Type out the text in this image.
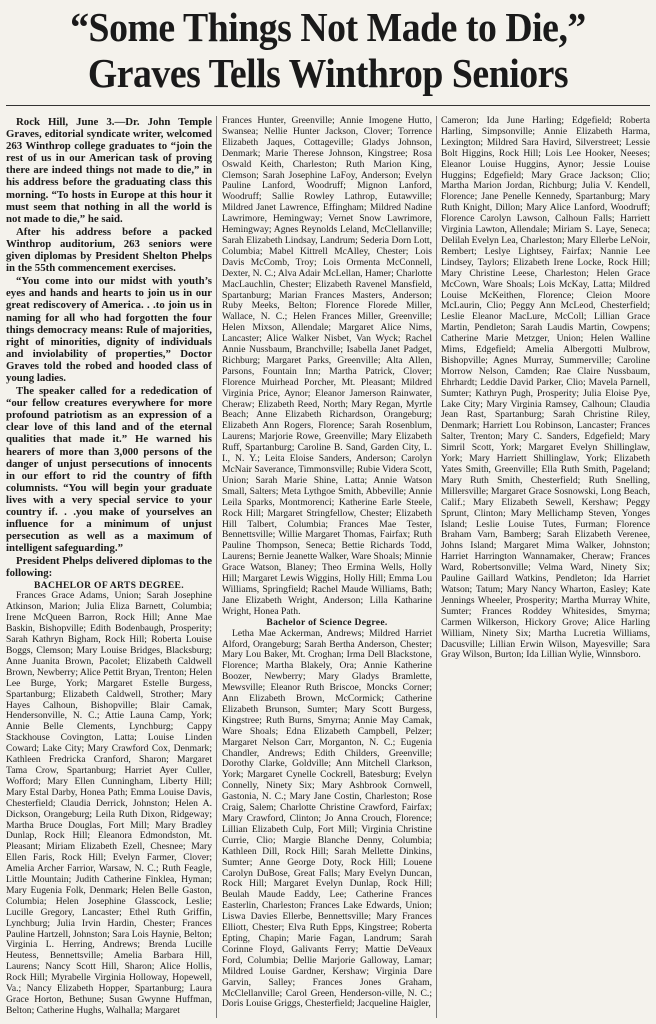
“Some Things Not Made to Die,”
Graves Tells Winthrop Seniors

Rock Hill, June 3.—Dr. John Temple Graves, editorial syndicate writer, welcomed 263 Winthrop college graduates to “join the rest of us in our American task of proving there are indeed things not made to die,” in his address before the graduating class this morning. “To hosts in Europe at this hour it must seem that nothing in all the world is not made to die,” he said.

After his address before a packed Winthrop auditorium, 263 seniors were given diplomas by President Shelton Phelps in the 55th commencement exercises.

“You come into our midst with youth’s eyes and hands and hearts to join us in our great rediscovery of America. . .to join us in naming for all who had forgotten the four things democracy means: Rule of majorities, right of minorities, dignity of individuals and inviolability of properties,” Doctor Graves told the robed and hooded class of young ladies.

The speaker called for a rededication of “our fellow creatures everywhere for more profound patriotism as an expression of a clear love of this land and of the eternal qualities that made it.” He warned his hearers of more than 3,000 persons of the danger of unjust persecutions of innocents in our effort to rid the country of fifth columnists. “You will begin your graduate lives with a very special service to your country if. . .you make of yourselves an influence for a minimum of unjust persecution as well as a maximum of intelligent safeguarding.”

President Phelps delivered diplomas to the following:

BACHELOR OF ARTS DEGREE.

Frances Grace Adams, Union; Sarah Josephine Atkinson, Marion; Julia Eliza Barnett, Columbia; Irene McQueen Barron, Rock Hill; Anne Mae Baskin, Bishopville; Edith Bodenbaugh, Prosperity; Sarah Kathryn Bigham, Rock Hill; Roberta Louise Boggs, Clemson; Mary Louise Bridges, Blacksburg; Anne Juanita Brown, Pacolet; Elizabeth Caldwell Brown, Newberry; Alice Pettit Bryan, Trenton; Helen Lee Burge, York; Margaret Estelle Burgess, Spartanburg; Elizabeth Caldwell, Strother; Mary Hayes Calhoun, Bishopville; Blair Camak, Hendersonville, N. C.; Attie Launa Camp, York; Annie Belle Clements, Lynchburg; Cappy Stackhouse Covington, Latta; Louise Linden Coward; Lake City; Mary Crawford Cox, Denmark; Kathleen Fredricka Cranford, Sharon; Margaret Tama Crow, Spartanburg; Harriet Ayer Culler, Wofford; Mary Ellen Cunningham, Liberty Hill; Mary Estal Darby, Honea Path; Emma Louise Davis, Chesterfield; Claudia Derrick, Johnston; Helen A. Dickson, Orangeburg; Leila Ruth Dixon, Ridgeway; Martha Bruce Douglas, Fort Mill; Mary Bradley Dunlap, Rock Hill; Eleanora Edmondston, Mt. Pleasant; Miriam Elizabeth Ezell, Chesnee; Mary Ellen Faris, Rock Hill; Evelyn Farmer, Clover; Amelia Archer Farrior, Warsaw, N. C.; Ruth Feagle, Little Mountain; Judith Catherine Finklea, Hyman; Mary Eugenia Folk, Denmark; Helen Belle Gaston, Columbia; Helen Josephine Glasscock, Leslie; Lucille Gregory, Lancaster; Ethel Ruth Griffin, Lynchburg; Julia Irvin Hardin, Chester; Frances Pauline Hartzell, Johnston; Sara Lois Haynie, Belton; Virginia L. Herring, Andrews; Brenda Lucille Heutess, Bennettsville; Amelia Barbara Hill, Laurens; Nancy Scott Hill, Sharon; Alice Hollis, Rock Hill; Myrabelle Virginia Holloway, Hopewell, Va.; Nancy Elizabeth Hopper, Spartanburg; Laura Grace Horton, Bethune; Susan Gwynne Huffman, Belton; Catherine Hughs, Walhalla; Margaret

Frances Hunter, Greenville; Annie Imogene Hutto, Swansea; Nellie Hunter Jackson, Clover; Torrence Elizabeth Jaques, Cottageville; Gladys Johnson, Denmark; Marie Therese Johnson, Kingstree; Rosa Oswald Keith, Charleston; Ruth Marion King, Clemson; Sarah Josephine LaFoy, Anderson; Evelyn Pauline Lanford, Woodruff; Mignon Lanford, Woodruff; Sallie Rowley Lathrop, Eutawville; Mildred Janet Lawrence, Effingham; Mildred Nadine Lawrimore, Hemingway; Vernet Snow Lawrimore, Hemingway; Agnes Reynolds Leland, McClellanville; Sarah Elizabeth Lindsay, Landrum; Sederia Dorn Lott, Columbia; Mabel Kittrell McAlley, Chester; Lois Davis McComb, Troy; Lois Ormenta McConnell, Dexter, N. C.; Alva Adair McLellan, Hamer; Charlotte MacLauchlin, Chester; Elizabeth Ravenel Mansfield, Spartanburg; Marian Frances Masters, Anderson; Ruby Meeks, Belton; Florence Florede Miller, Wallace, N. C.; Helen Frances Miller, Greenville; Helen Mixson, Allendale; Margaret Alice Nims, Lancaster; Alice Walker Nisbet, Van Wyck; Rachel Annie Nussbaum, Branchville; Isabella Janet Padget, Richburg; Margaret Parks, Greenville; Alta Allen, Parsons, Fountain Inn; Martha Patrick, Clover; Florence Muirhead Porcher, Mt. Pleasant; Mildred Virginia Price, Aynor; Eleanor Jamerson Rainwater, Cheraw; Elizabeth Reed, North; Mary Regan, Myrtle Beach; Anne Elizabeth Richardson, Orangeburg; Elizabeth Ann Rogers, Florence; Sarah Rosenblum, Laurens; Marjorie Rowe, Greenville; Mary Elizabeth Ruff, Spartanburg; Caroline B. Sand, Garden City, L. I., N. Y.; Leita Eloise Sanders, Anderson; Carolyn McNair Saverance, Timmonsville; Rubie Videra Scott, Union; Sarah Marie Shine, Latta; Annie Watson Small, Salters; Meta Lythgoe Smith, Abbeville; Annie Leila Sparks, Montmorenci; Katherine Earle Steele, Rock Hill; Margaret Stringfellow, Chester; Elizabeth Hill Talbert, Columbia; Frances Mae Tester, Bennettsville; Willie Margaret Thomas, Fairfax; Ruth Pauline Thompson, Seneca; Bettie Richards Todd, Laurens; Bernie Jeanette Walker, Ware Shoals; Minnie Grace Watson, Blaney; Theo Ermina Wells, Holly Hill; Margaret Lewis Wiggins, Holly Hill; Emma Lou Williams, Springfield; Rachel Maude Williams, Bath; Jane Elizabeth Wright, Anderson; Lilla Katharine Wright, Honea Path.

Bachelor of Science Degree.

Letha Mae Ackerman, Andrews; Mildred Harriet Alford, Orangeburg; Sarah Bertha Anderson, Chester; Mary Lou Baker, Mt. Croghan; Irma Dell Blackstone, Florence; Martha Blakely, Ora; Annie Katherine Boozer, Newberry; Mary Gladys Bramlette, Mewsville; Eleanor Ruth Briscoe, Moncks Corner; Ann Elizabeth Brown, McCormick; Catherine Elizabeth Brunson, Sumter; Mary Scott Burgess, Kingstree; Ruth Burns, Smyrna; Annie May Camak, Ware Shoals; Edna Elizabeth Campbell, Pelzer; Margaret Nelson Carr, Morganton, N. C.; Eugenia Chandler, Andrews; Edith Childers, Greenville; Dorothy Clarke, Goldville; Ann Mitchell Clarkson, York; Margaret Cynelle Cockrell, Batesburg; Evelyn Connelly, Ninety Six; Mary Ashbrook Cornwell, Gastonia, N. C.; Mary Jane Costin, Charleston; Rose Craig, Salem; Charlotte Christine Crawford, Fairfax; Mary Crawford, Clinton; Jo Anna Crouch, Florence; Lillian Elizabeth Culp, Fort Mill; Virginia Christine Currie, Clio; Margie Blanche Denny, Columbia; Kathleen Dill, Rock Hill; Sarah Mellette Dinkins, Sumter; Anne George Doty, Rock Hill; Louene Carolyn DuBose, Great Falls; Mary Evelyn Duncan, Rock Hill; Margaret Evelyn Dunlap, Rock Hill; Beulah Maude Eaddy, Lee; Catherine Frances Easterlin, Charleston; Frances Lake Edwards, Union; Liswa Davies Ellerbe, Bennettsville; Mary Frances Elliott, Chester; Elva Ruth Epps, Kingstree; Roberta Epting, Chapin; Marie Fagan, Landrum; Sarah Corinne Floyd, Galivants Ferry; Mattie DeVeaux Ford, Columbia; Dellie Marjorie Galloway, Lamar; Mildred Louise Gardner, Kershaw; Virginia Dare Garvin, Salley; Frances Jones Graham, McClellanville; Carol Green, Henderson-ville, N. C.; Doris Louise Griggs, Chesterfield; Jacqueline Haigler,

Cameron; Ida June Harling; Edgefield; Roberta Harling, Simpsonville; Annie Elizabeth Harma, Lexington; Mildred Sara Havird, Silverstreet; Lessie Bolt Higgins, Rock Hill; Lois Lee Hooker, Neeses; Eleanor Louise Huggins, Aynor; Jessie Louise Huggins; Edgefield; Mary Grace Jackson; Clio; Martha Marion Jordan, Richburg; Julia V. Kendell, Florence; Jane Penelle Kennedy, Spartanburg; Mary Ruth Knight, Dillon; Mary Alice Lanford, Woodruff; Florence Carolyn Lawson, Calhoun Falls; Harriett Virginia Lawton, Allendale; Miriam S. Laye, Seneca; Delilah Evelyn Lea, Charleston; Mary Ellerbe LeNoir, Rembert; Leslye Lightsey, Fairfax; Nannie Lee Lindsey, Taylors; Elizabeth Irene Locke, Rock Hill; Mary Christine Leese, Charleston; Helen Grace McCown, Ware Shoals; Lois McKay, Latta; Mildred Louise McKeithen, Florence; Cleion Moore McLaurin, Clio; Peggy Ann McLeod, Chesterfield; Leslie Eleanor MacLure, McColl; Lillian Grace Martin, Pendleton; Sarah Laudis Martin, Cowpens; Catherine Marie Metzger, Union; Helen Walline Mims, Edgefield; Amelia Albergotti Mulbrow, Bishopville; Agnes Murray, Summerville; Caroline Morrow Nelson, Camden; Rae Claire Nussbaum, Ehrhardt; Leddie David Parker, Clio; Mavela Parnell, Sumter; Kathryn Pugh, Prosperity; Julia Eloise Pye, Lake City; Mary Virginia Ramsey, Calhoun; Claudia Jean Rast, Spartanburg; Sarah Christine Riley, Denmark; Harriett Lou Robinson, Lancaster; Frances Salter, Trenton; Mary C. Sanders, Edgefield; Mary Simril Scott, York; Margaret Evelyn Shillinglaw, York; Mary Harriett Shillinglaw, York; Elizabeth Yates Smith, Greenville; Ella Ruth Smith, Pageland; Mary Ruth Smith, Chesterfield; Ruth Snelling, Millersville; Margaret Grace Sosnowski, Long Beach, Calif.; Mary Elizabeth Sewell, Kershaw; Peggy Sprunt, Clinton; Mary Mellichamp Steven, Yonges Island; Leslie Louise Tutes, Furman; Florence Braham Varn, Bamberg; Sarah Elizabeth Verenee, Johns Island; Margaret Mima Walker, Johnston; Harriet Harrington Wannamaker, Cheraw; Frances Ward, Robertsonville; Velma Ward, Ninety Six; Pauline Gaillard Watkins, Pendleton; Ida Harriet Watson; Tatum; Mary Nancy Wharton, Easley; Kate Jennings Wheeler, Prosperity; Martha Murray White, Sumter; Frances Roddey Whitesides, Smyrna; Carmen Wilkerson, Hickory Grove; Alice Harling William, Ninety Six; Martha Lucretia Williams, Dacusville; Lillian Erwin Wilson, Mayesville; Sara Gray Wilson, Burton; Ida Lillian Wylie, Winnsboro.
